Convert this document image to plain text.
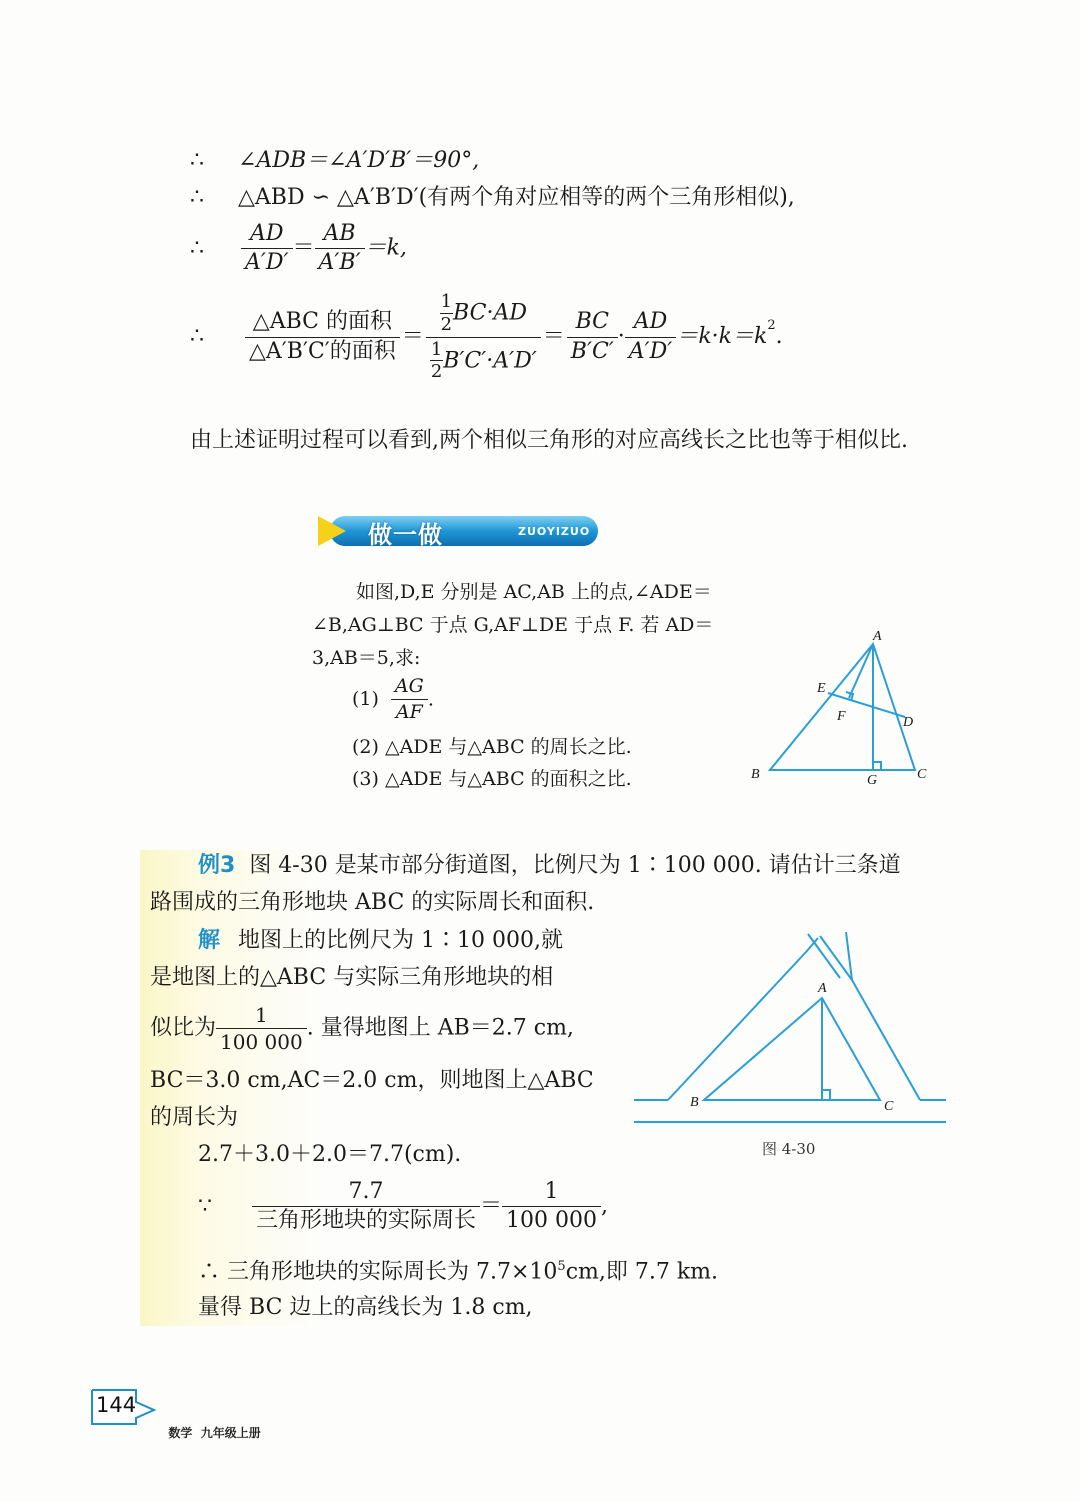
∴ ∠ADB＝∠A′D′B′＝90°,
∴ △ABD ∽ △A′B′D′(有两个角对应相等的两个三角形相似),
∴ $\frac{AD}{A'D'} = \frac{AB}{A'B'} =k$,
∴ $\frac{\text{△ABC 的面积}}{\text{△A′B′C′的面积}} = \frac{\frac{1}{2} BC\cdot AD}{\frac{1}{2} B'C'\cdot A'D'} = \frac{BC}{B'C'} \cdot \frac{AD}{A'D'} =k\cdot k=k^2$.
由上述证明过程可以看到,两个相似三角形的对应高线长之比也等于相似比.
做一做	ZUOYIZUO
如图,D,E 分别是 AC,AB 上的点,∠ADE＝
∠B,AG⊥BC 于点 G,AF⊥DE 于点 F. 若 AD＝
3,AB＝5,求:
$(1) \frac{AG}{AF}$ .
(2) △ADE 与△ABC 的周长之比.
(3) △ADE 与△ABC 的面积之比.
A
B	C
D
E
F
G
例3 图 4-30 是某市部分街道图，比例尺为 1∶100 000. 请估计三条道
路围成的三角形地块 ABC 的实际周长和面积.
解 地图上的比例尺为 1∶10 000,就
是地图上的△ABC 与实际三角形地块的相
似比为 $\frac{1}{100 000}$ . 量得地图上 AB＝2.7 cm,
BC＝3.0 cm,AC＝2.0 cm，则地图上△ABC
的周长为
2.7＋3.0＋2.0＝7.7(cm).
∵ $\frac{7.7}{\text{三角形地块的实际周长}} = \frac{1}{100 000}$ ,
∴ 三角形地块的实际周长为 $7.7\times 10^5cm$,即 7.7 km.
量得 BC 边上的高线长为 1.8 cm,
A
B	C
图 4-30
144

数学  九年级上册
